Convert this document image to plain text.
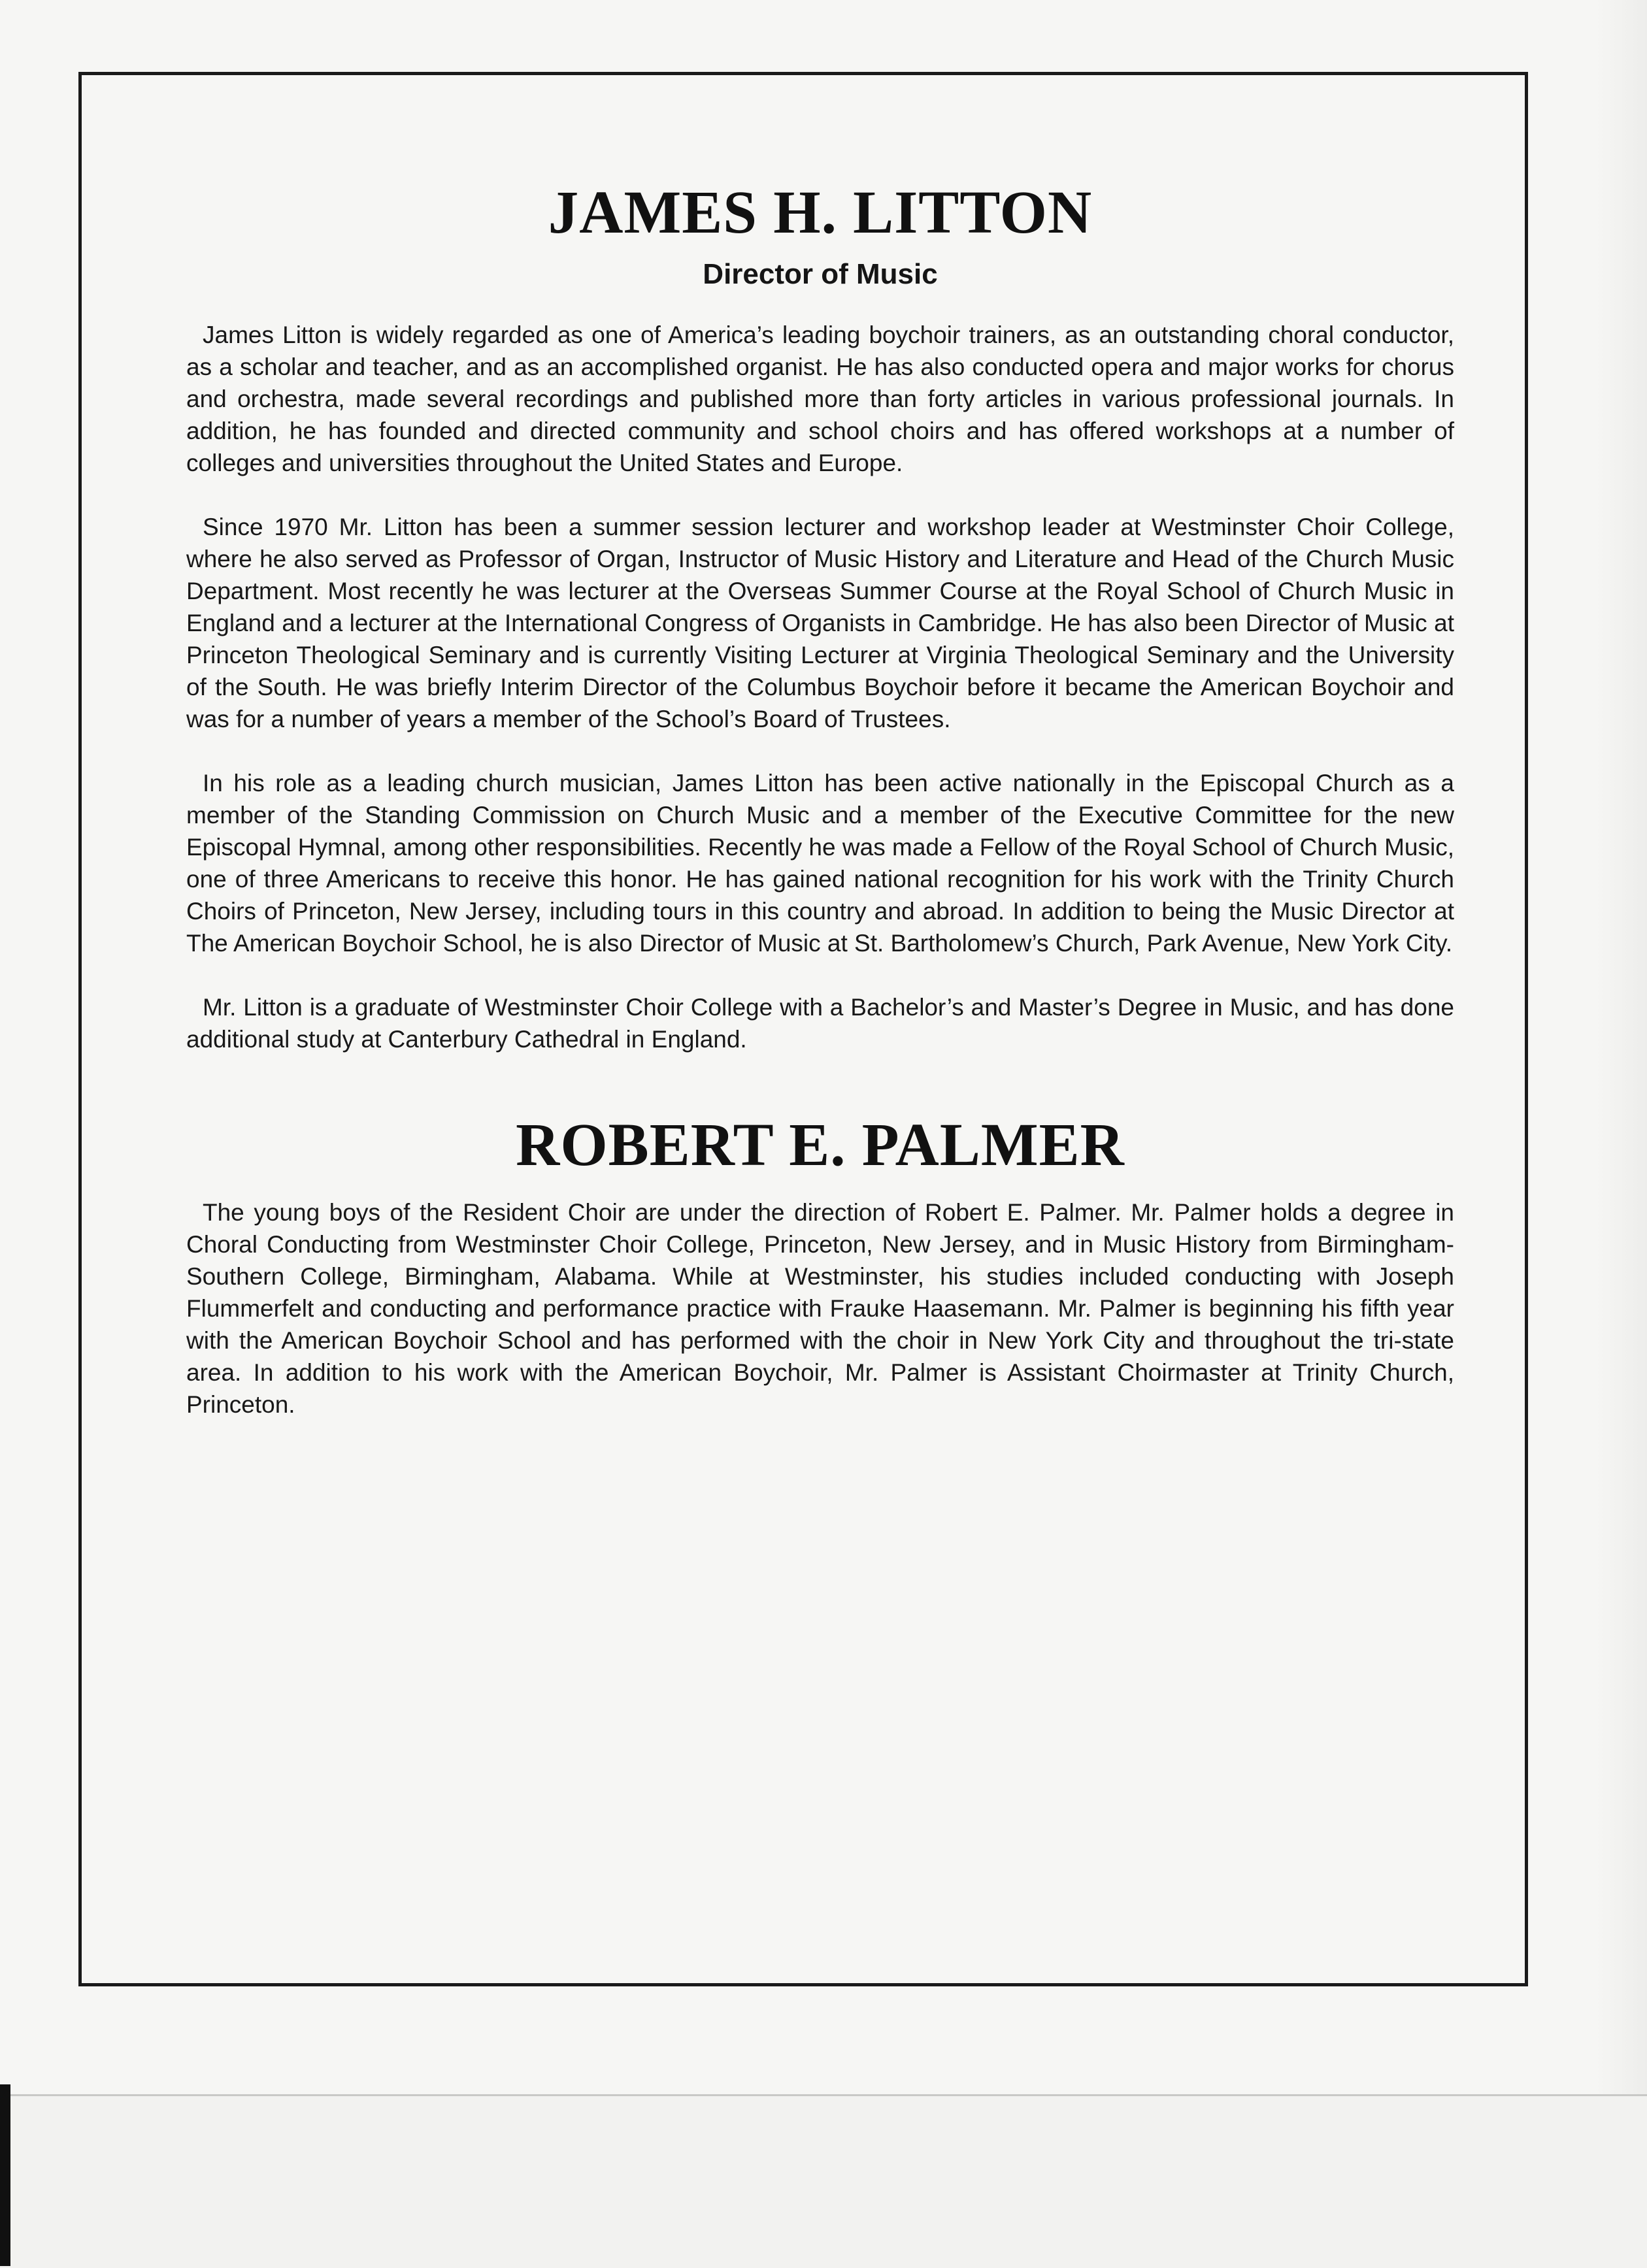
JAMES H. LITTON
Director of Music

James Litton is widely regarded as one of America’s leading boychoir trainers, as an outstanding choral conductor, as a scholar and teacher, and as an accomplished organist. He has also conducted opera and major works for chorus and orchestra, made several recordings and published more than forty articles in various professional journals. In addition, he has founded and directed community and school choirs and has offered workshops at a number of colleges and universities throughout the United States and Europe.

Since 1970 Mr. Litton has been a summer session lecturer and workshop leader at Westminster Choir College, where he also served as Professor of Organ, Instructor of Music History and Literature and Head of the Church Music Department. Most recently he was lecturer at the Overseas Summer Course at the Royal School of Church Music in England and a lecturer at the International Congress of Organists in Cambridge. He has also been Director of Music at Princeton Theological Seminary and is currently Visiting Lecturer at Virginia Theological Seminary and the University of the South. He was briefly Interim Director of the Columbus Boychoir before it became the American Boychoir and was for a number of years a member of the School’s Board of Trustees.

In his role as a leading church musician, James Litton has been active nationally in the Episcopal Church as a member of the Standing Commission on Church Music and a member of the Executive Committee for the new Episcopal Hymnal, among other responsibilities. Recently he was made a Fellow of the Royal School of Church Music, one of three Americans to receive this honor. He has gained national recognition for his work with the Trinity Church Choirs of Princeton, New Jersey, including tours in this country and abroad. In addition to being the Music Director at The American Boychoir School, he is also Director of Music at St. Bartholomew’s Church, Park Avenue, New York City.

Mr. Litton is a graduate of Westminster Choir College with a Bachelor’s and Master’s Degree in Music, and has done additional study at Canterbury Cathedral in England.

ROBERT E. PALMER

The young boys of the Resident Choir are under the direction of Robert E. Palmer. Mr. Palmer holds a degree in Choral Conducting from Westminster Choir College, Princeton, New Jersey, and in Music History from Birmingham-Southern College, Birmingham, Alabama. While at Westminster, his studies included conducting with Joseph Flummerfelt and conducting and performance practice with Frauke Haasemann. Mr. Palmer is beginning his fifth year with the American Boychoir School and has performed with the choir in New York City and throughout the tri-state area. In addition to his work with the American Boychoir, Mr. Palmer is Assistant Choirmaster at Trinity Church, Princeton.
